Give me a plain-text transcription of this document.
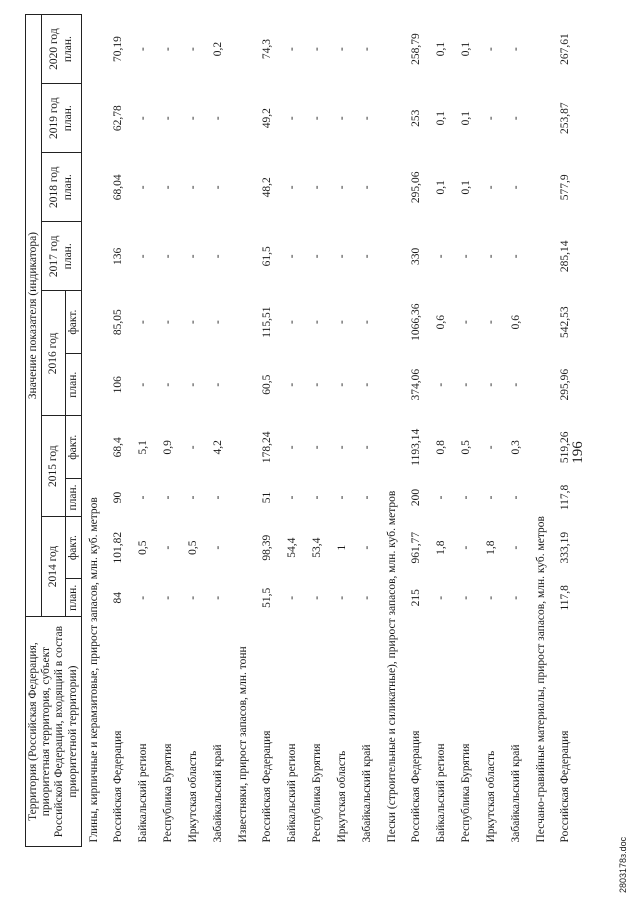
196
2803178з.doc
Территория (Российская Федерация, приоритетная территория, субъект Российской Федерации, входящий в состав приоритетной территории)	Значение показателя (индикатора)									
	2014 год		2015 год		2016 год		2017 год план.	2018 год план.	2019 год план.	2020 год план.
	план.	факт.	план.	факт.	план.	факт.				
Глины, кирпичные и керамзитовые, прирост запасов, млн. куб. метров										
Российская Федерация	84	101,82	90	68,4	106	85,05	136	68,04	62,78	70,19
Байкальский регион	-	0,5	-	5,1	-	-	-	-	-	-
Республика Бурятия	-	-	-	0,9	-	-	-	-	-	-
Иркутская область	-	0,5	-	-	-	-	-	-	-	-
Забайкальский край	-	-	-	4,2	-	-	-	-	-	0,2
Известняки, прирост запасов, млн. тонн										
Российская Федерация	51,5	98,39	51	178,24	60,5	115,51	61,5	48,2	49,2	74,3
Байкальский регион	-	54,4	-	-	-	-	-	-	-	-
Республика Бурятия	-	53,4	-	-	-	-	-	-	-	-
Иркутская область	-	1	-	-	-	-	-	-	-	-
Забайкальский край	-	-	-	-	-	-	-	-	-	-
Пески (строительные и силикатные), прирост запасов, млн. куб. метров										
Российская Федерация	215	961,77	200	1193,14	374,06	1066,36	330	295,06	253	258,79
Байкальский регион	-	1,8	-	0,8	-	0,6	-	0,1	0,1	0,1
Республика Бурятия	-	-	-	0,5	-	-	-	0,1	0,1	0,1
Иркутская область	-	1,8	-	-	-	-	-	-	-	-
Забайкальский край	-	-	-	0,3	-	0,6	-	-	-	-
Песчано-гравийные материалы, прирост запасов, млн. куб. метров										
Российская Федерация	117,8	333,19	117,8	519,26	295,96	542,53	285,14	577,9	253,87	267,61
